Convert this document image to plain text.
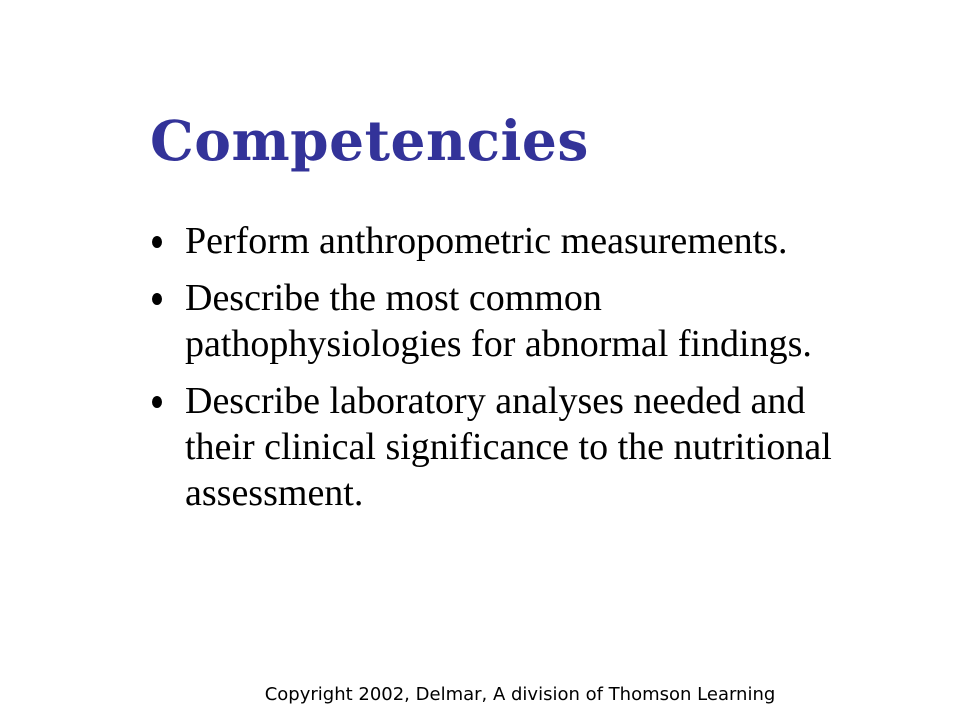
Competencies
Perform anthropometric measurements.
Describe the most common pathophysiologies for abnormal findings.
Describe laboratory analyses needed and their clinical significance to the nutritional assessment.
Copyright 2002, Delmar, A division of Thomson Learning
